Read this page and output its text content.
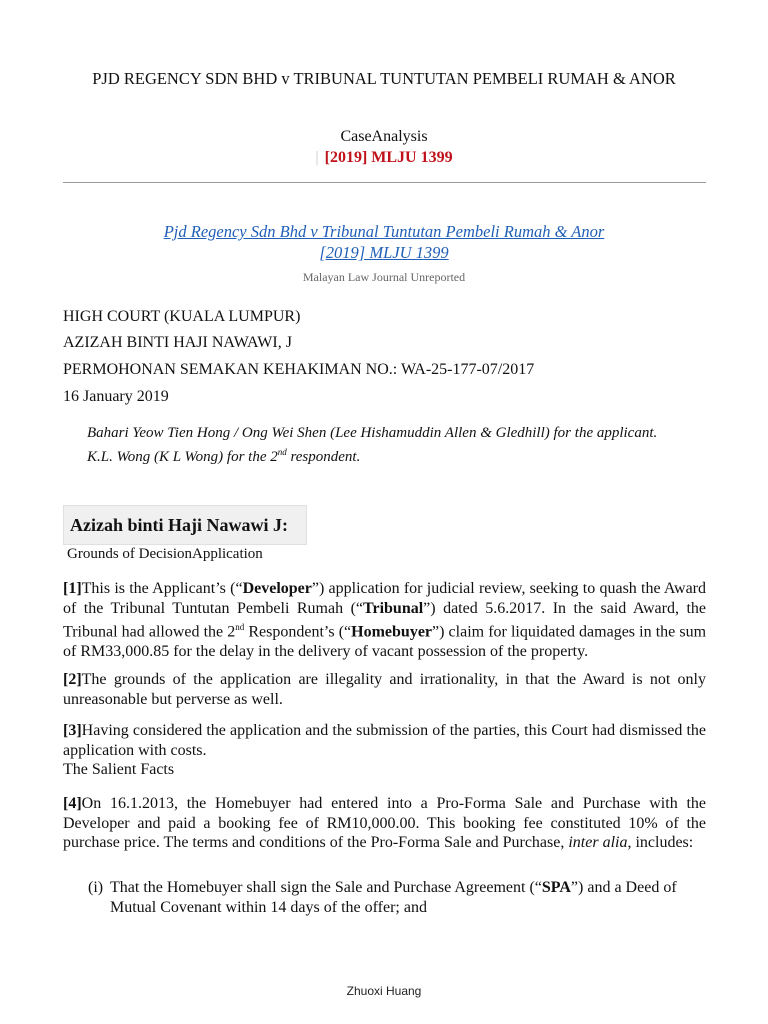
PJD REGENCY SDN BHD v TRIBUNAL TUNTUTAN PEMBELI RUMAH & ANOR
CaseAnalysis
| [2019] MLJU 1399
Pjd Regency Sdn Bhd v Tribunal Tuntutan Pembeli Rumah & Anor
[2019] MLJU 1399
Malayan Law Journal Unreported
HIGH COURT (KUALA LUMPUR)
AZIZAH BINTI HAJI NAWAWI, J
PERMOHONAN SEMAKAN KEHAKIMAN NO.: WA-25-177-07/2017
16 January 2019
Bahari Yeow Tien Hong / Ong Wei Shen (Lee Hishamuddin Allen & Gledhill) for the applicant.
K.L. Wong (K L Wong) for the 2nd respondent.
Azizah binti Haji Nawawi J:
Grounds of DecisionApplication
[1]This is the Applicant’s (“Developer”) application for judicial review, seeking to quash the Award of the Tribunal Tuntutan Pembeli Rumah (“Tribunal”) dated 5.6.2017. In the said Award, the Tribunal had allowed the 2nd Respondent’s (“Homebuyer”) claim for liquidated damages in the sum of RM33,000.85 for the delay in the delivery of vacant possession of the property.
[2]The grounds of the application are illegality and irrationality, in that the Award is not only unreasonable but perverse as well.
[3]Having considered the application and the submission of the parties, this Court had dismissed the application with costs.
The Salient Facts
[4]On 16.1.2013, the Homebuyer had entered into a Pro-Forma Sale and Purchase with the Developer and paid a booking fee of RM10,000.00. This booking fee constituted 10% of the purchase price. The terms and conditions of the Pro-Forma Sale and Purchase, inter alia, includes:
(i) That the Homebuyer shall sign the Sale and Purchase Agreement (“SPA”) and a Deed of Mutual Covenant within 14 days of the offer; and
Zhuoxi Huang
